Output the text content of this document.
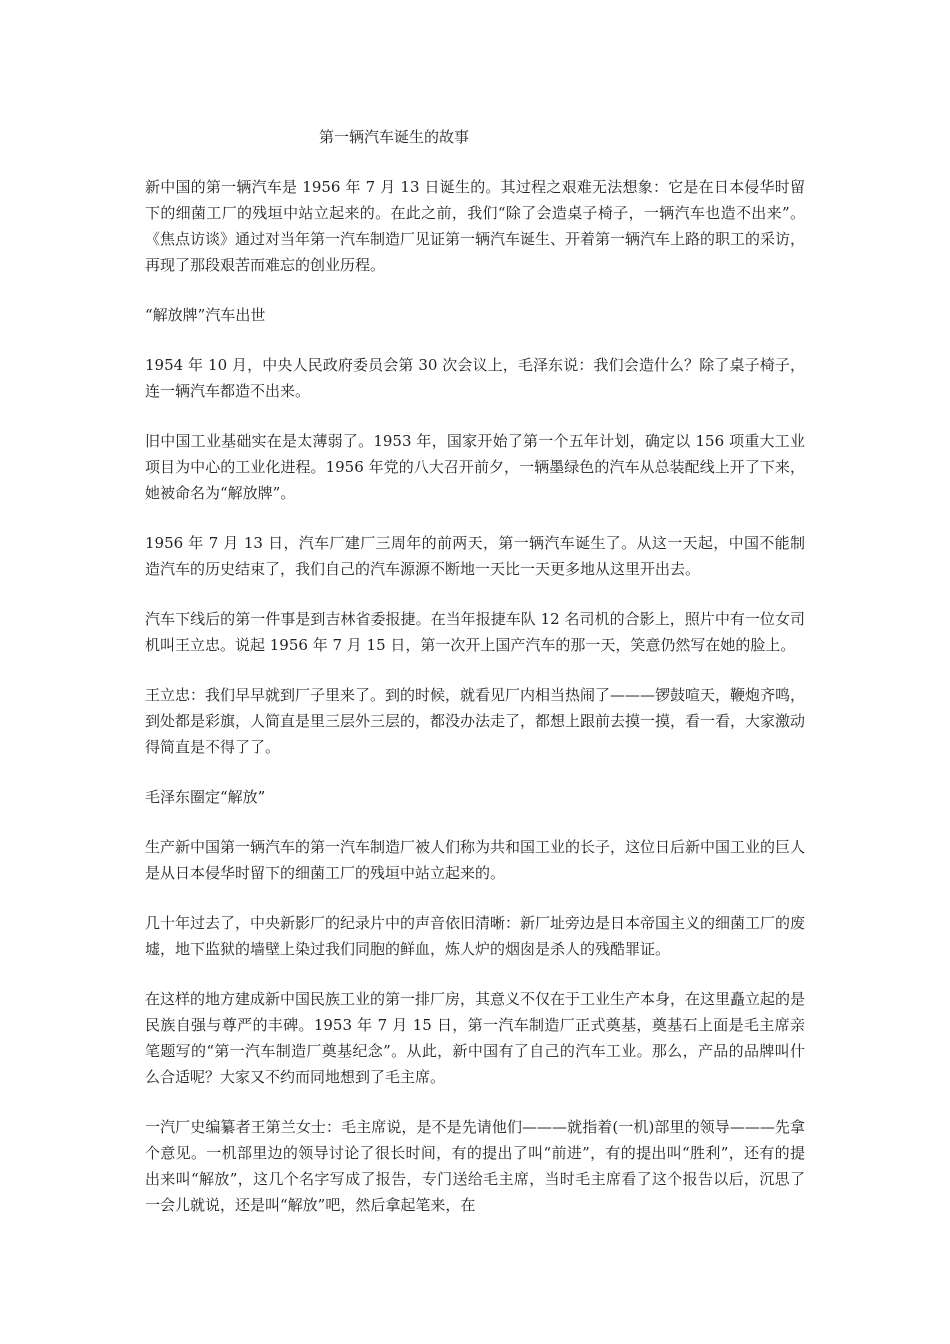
第一辆汽车诞生的故事

新中国的第一辆汽车是 1956 年 7 月 13 日诞生的。其过程之艰难无法想象：它是在日本侵华时留下的细菌工厂的残垣中站立起来的。在此之前，我们“除了会造桌子椅子，一辆汽车也造不出来”。《焦点访谈》通过对当年第一汽车制造厂见证第一辆汽车诞生、开着第一辆汽车上路的职工的采访，再现了那段艰苦而难忘的创业历程。

“解放牌”汽车出世

1954 年 10 月，中央人民政府委员会第 30 次会议上，毛泽东说：我们会造什么？除了桌子椅子，连一辆汽车都造不出来。

旧中国工业基础实在是太薄弱了。1953 年，国家开始了第一个五年计划，确定以 156 项重大工业项目为中心的工业化进程。1956 年党的八大召开前夕，一辆墨绿色的汽车从总装配线上开了下来，她被命名为“解放牌”。

1956 年 7 月 13 日，汽车厂建厂三周年的前两天，第一辆汽车诞生了。从这一天起，中国不能制造汽车的历史结束了，我们自己的汽车源源不断地一天比一天更多地从这里开出去。

汽车下线后的第一件事是到吉林省委报捷。在当年报捷车队 12 名司机的合影上，照片中有一位女司机叫王立忠。说起 1956 年 7 月 15 日，第一次开上国产汽车的那一天，笑意仍然写在她的脸上。

王立忠：我们早早就到厂子里来了。到的时候，就看见厂内相当热闹了———锣鼓喧天，鞭炮齐鸣，到处都是彩旗，人简直是里三层外三层的，都没办法走了，都想上跟前去摸一摸，看一看，大家激动得简直是不得了了。

毛泽东圈定“解放”

生产新中国第一辆汽车的第一汽车制造厂被人们称为共和国工业的长子，这位日后新中国工业的巨人是从日本侵华时留下的细菌工厂的残垣中站立起来的。

几十年过去了，中央新影厂的纪录片中的声音依旧清晰：新厂址旁边是日本帝国主义的细菌工厂的废墟，地下监狱的墙壁上染过我们同胞的鲜血，炼人炉的烟囱是杀人的残酷罪证。

在这样的地方建成新中国民族工业的第一排厂房，其意义不仅在于工业生产本身，在这里矗立起的是民族自强与尊严的丰碑。1953 年 7 月 15 日，第一汽车制造厂正式奠基，奠基石上面是毛主席亲笔题写的“第一汽车制造厂奠基纪念”。从此，新中国有了自己的汽车工业。那么，产品的品牌叫什么合适呢？大家又不约而同地想到了毛主席。

一汽厂史编纂者王第兰女士：毛主席说，是不是先请他们———就指着(一机)部里的领导———先拿个意见。一机部里边的领导讨论了很长时间，有的提出了叫“前进”，有的提出叫“胜利”，还有的提出来叫“解放”，这几个名字写成了报告，专门送给毛主席，当时毛主席看了这个报告以后，沉思了一会儿就说，还是叫“解放”吧，然后拿起笔来，在
